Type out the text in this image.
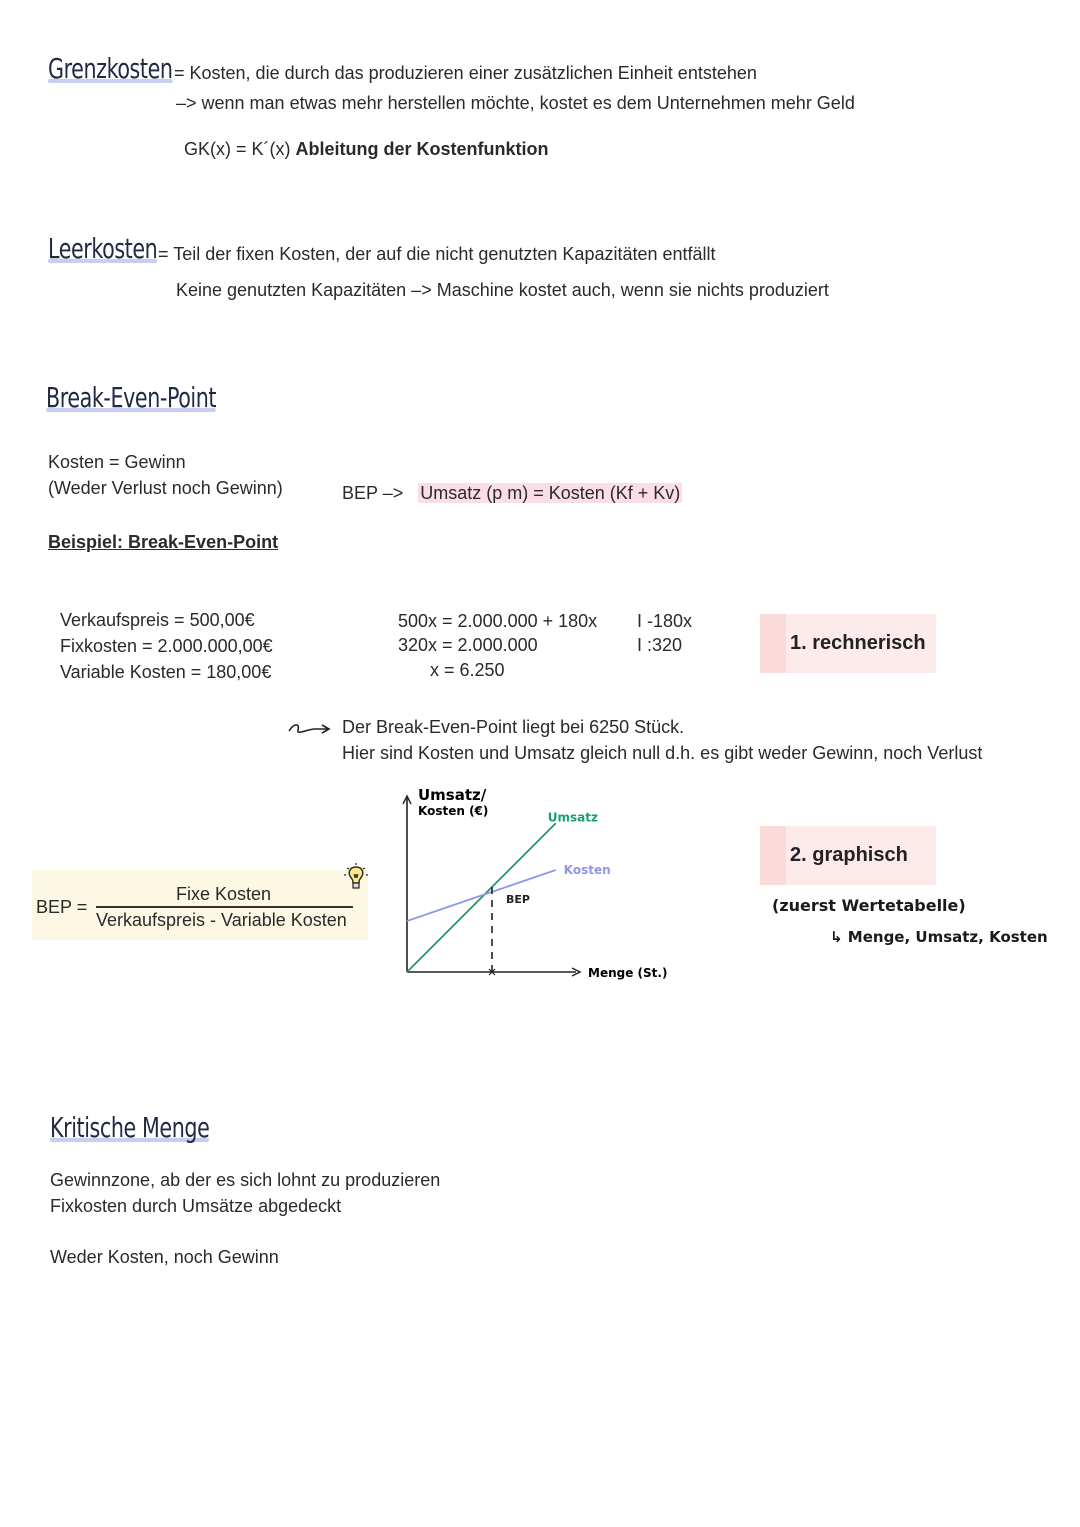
Grenzkosten = Kosten, die durch das produzieren einer zusätzlichen Einheit entstehen
–> wenn man etwas mehr herstellen möchte, kostet es dem Unternehmen mehr Geld
GK(x) = K´(x) Ableitung der Kostenfunktion
Leerkosten = Teil der fixen Kosten, der auf die nicht genutzten Kapazitäten entfällt
Keine genutzten Kapazitäten –> Maschine kostet auch, wenn sie nichts produziert
Break-Even-Point
Kosten = Gewinn
(Weder Verlust noch Gewinn)	BEP –> Umsatz (p m) = Kosten (Kf + Kv)
Beispiel: Break-Even-Point
Verkaufspreis = 500,00€
Fixkosten = 2.000.000,00€
Variable Kosten = 180,00€
500x = 2.000.000 + 180x
320x = 2.000.000
x = 6.250
I -180x
I :320	1. rechnerisch
Der Break-Even-Point liegt bei 6250 Stück.
Hier sind Kosten und Umsatz gleich null d.h. es gibt weder Gewinn, noch Verlust
BEP =
Fixe Kosten
Verkaufspreis - Variable Kosten
Umsatz/
Kosten (€)
Menge (St.)
Umsatz
Kosten
BEP
2. graphisch
(zuerst Wertetabelle)
↳ Menge, Umsatz, Kosten
Kritische Menge
Gewinnzone, ab der es sich lohnt zu produzieren
Fixkosten durch Umsätze abgedeckt
Weder Kosten, noch Gewinn
